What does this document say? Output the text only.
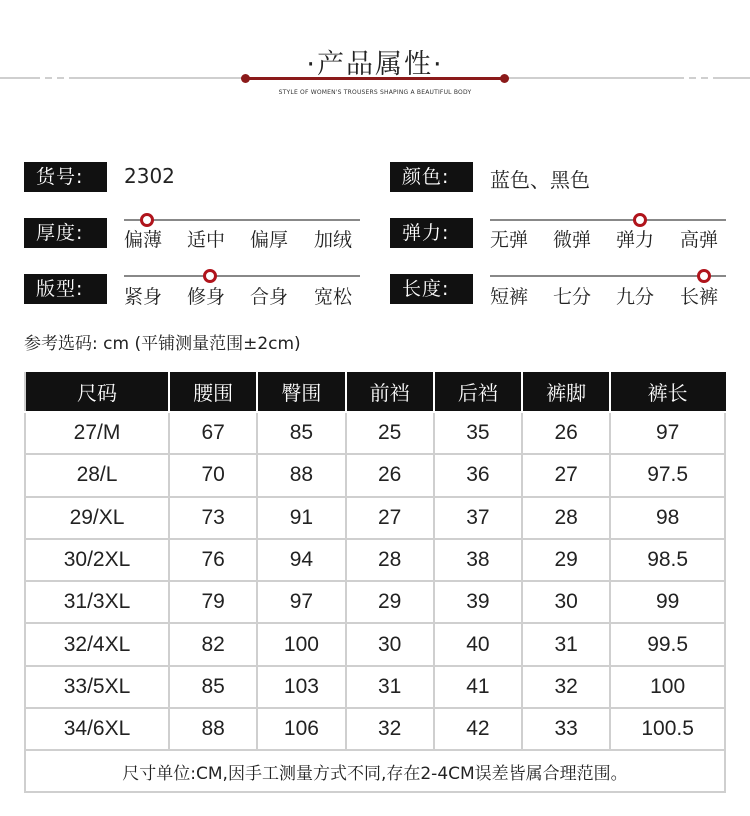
·产品属性·
STYLE OF WOMEN'S TROUSERS SHAPING A BEAUTIFUL BODY
货号:	2302	颜色:	蓝色、黑色
厚度:	偏薄 适中 偏厚 加绒	弹力:	无弹 微弹 弹力 高弹
版型:	紧身 修身 合身 宽松	长度:	短裤 七分 九分 长裤
参考选码: cm (平铺测量范围±2cm)
尺码	腰围	臀围	前裆	后裆	裤脚	裤长
27/M	67	85	25	35	26	97
28/L	70	88	26	36	27	97.5
29/XL	73	91	27	37	28	98
30/2XL	76	94	28	38	29	98.5
31/3XL	79	97	29	39	30	99
32/4XL	82	100	30	40	31	99.5
33/5XL	85	103	31	41	32	100
34/6XL	88	106	32	42	33	100.5
尺寸单位:CM,因手工测量方式不同,存在2-4CM误差皆属合理范围。						
